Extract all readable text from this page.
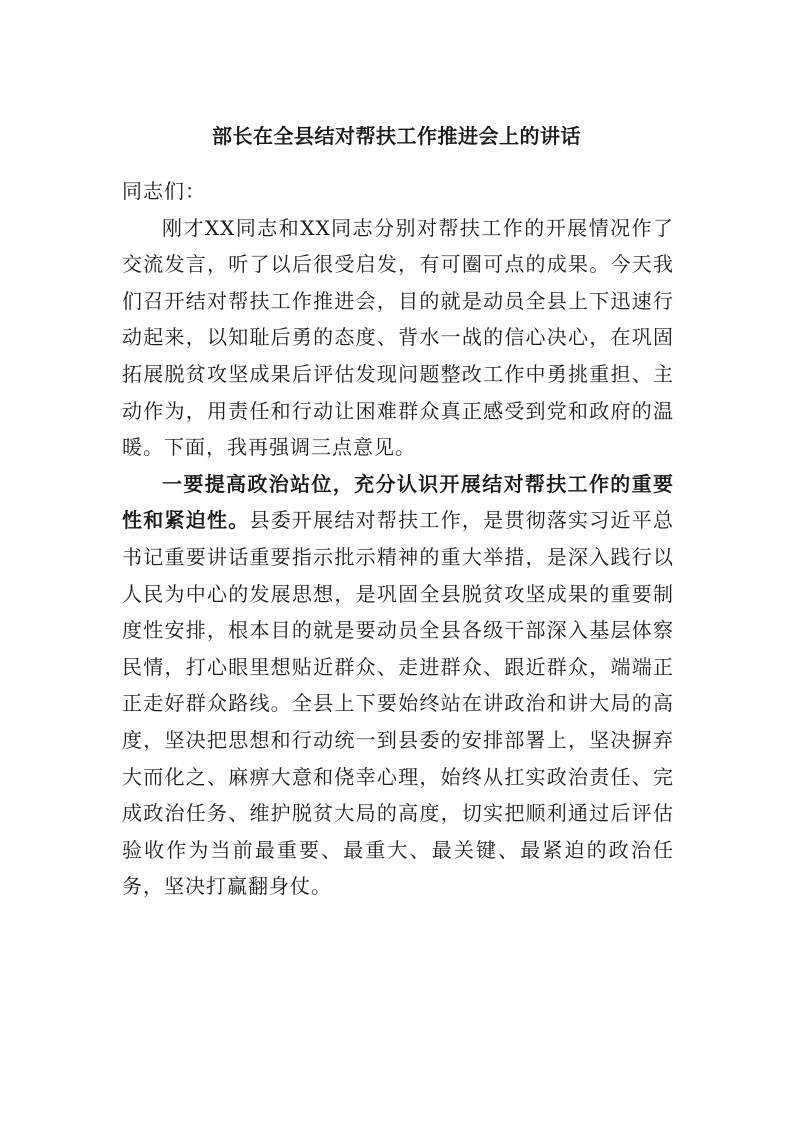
部长在全县结对帮扶工作推进会上的讲话

同志们：

刚才XX同志和XX同志分别对帮扶工作的开展情况作了交流发言，听了以后很受启发，有可圈可点的成果。今天我们召开结对帮扶工作推进会，目的就是动员全县上下迅速行动起来，以知耻后勇的态度、背水一战的信心决心，在巩固拓展脱贫攻坚成果后评估发现问题整改工作中勇挑重担、主动作为，用责任和行动让困难群众真正感受到党和政府的温暖。下面，我再强调三点意见。

一要提高政治站位，充分认识开展结对帮扶工作的重要性和紧迫性。县委开展结对帮扶工作，是贯彻落实习近平总书记重要讲话重要指示批示精神的重大举措，是深入践行以人民为中心的发展思想，是巩固全县脱贫攻坚成果的重要制度性安排，根本目的就是要动员全县各级干部深入基层体察民情，打心眼里想贴近群众、走进群众、跟近群众，端端正正走好群众路线。全县上下要始终站在讲政治和讲大局的高度，坚决把思想和行动统一到县委的安排部署上，坚决摒弃大而化之、麻痹大意和侥幸心理，始终从扛实政治责任、完成政治任务、维护脱贫大局的高度，切实把顺利通过后评估验收作为当前最重要、最重大、最关键、最紧迫的政治任务，坚决打赢翻身仗。
